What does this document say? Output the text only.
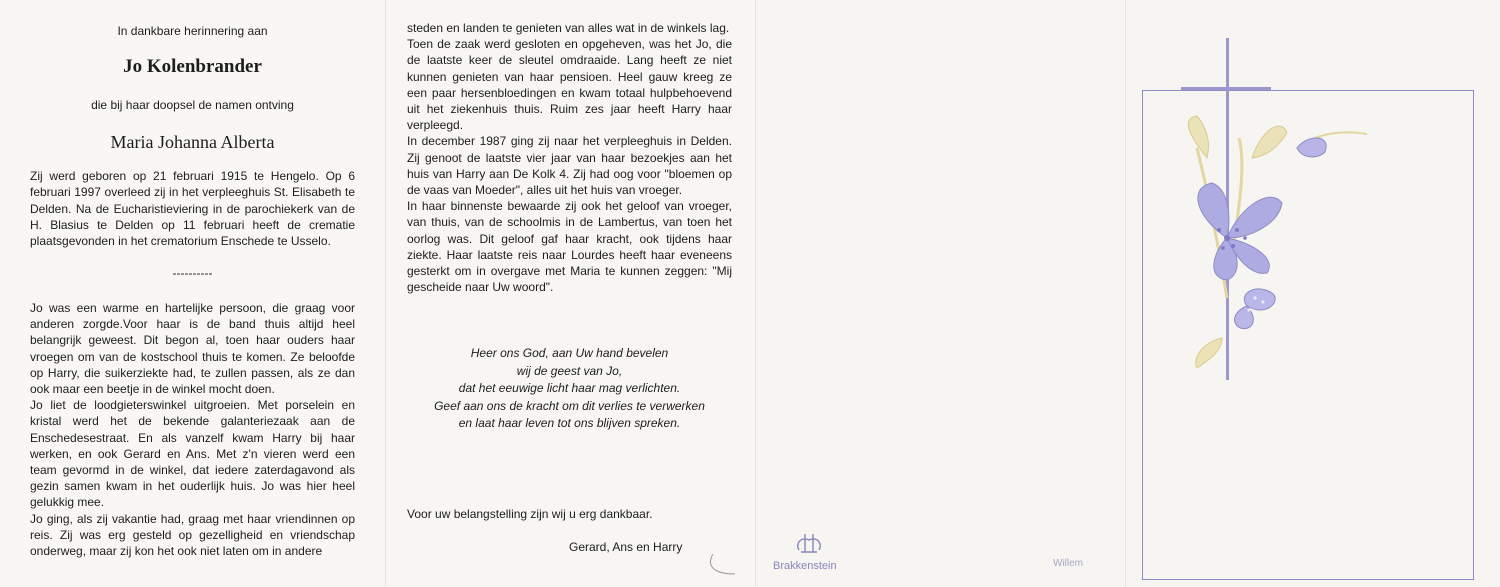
In dankbare herinnering aan
Jo Kolenbrander
die bij haar doopsel de namen ontving
Maria Johanna Alberta
Zij werd geboren op 21 februari 1915 te Hengelo. Op 6 februari 1997 overleed zij in het verpleeghuis St. Elisabeth te Delden. Na de Eucharistieviering in de parochiekerk van de H. Blasius te Delden op 11 februari heeft de crematie plaatsgevonden in het crematorium Enschede te Usselo.
----------

Jo was een warme en hartelijke persoon, die graag voor anderen zorgde.Voor haar is de band thuis altijd heel belangrijk geweest. Dit begon al, toen haar ouders haar vroegen om van de kostschool thuis te komen. Ze beloofde op Harry, die suikerziekte had, te zullen passen, als ze dan ook maar een beetje in de winkel mocht doen.

Jo liet de loodgieterswinkel uitgroeien. Met porselein en kristal werd het de bekende galanteriezaak aan de Enschedesestraat. En als vanzelf kwam Harry bij haar werken, en ook Gerard en Ans. Met z'n vieren werd een team gevormd in de winkel, dat iedere zaterdagavond als gezin samen kwam in het ouderlijk huis. Jo was hier heel gelukkig mee.

Jo ging, als zij vakantie had, graag met haar vriendinnen op reis. Zij was erg gesteld op gezelligheid en vriendschap onderweg, maar zij kon het ook niet laten om in andere

steden en landen te genieten van alles wat in de winkels lag.

Toen de zaak werd gesloten en opgeheven, was het Jo, die de laatste keer de sleutel omdraaide. Lang heeft ze niet kunnen genieten van haar pensioen. Heel gauw kreeg ze een paar hersenbloedingen en kwam totaal hulpbehoevend uit het ziekenhuis thuis. Ruim zes jaar heeft Harry haar verpleegd.

In december 1987 ging zij naar het verpleeghuis in Delden. Zij genoot de laatste vier jaar van haar bezoekjes aan het huis van Harry aan De Kolk 4. Zij had oog voor "bloemen op de vaas van Moeder", alles uit het huis van vroeger.

In haar binnenste bewaarde zij ook het geloof van vroeger, van thuis, van de schoolmis in de Lambertus, van toen het oorlog was. Dit geloof gaf haar kracht, ook tijdens haar ziekte. Haar laatste reis naar Lourdes heeft haar eveneens gesterkt om in overgave met Maria te kunnen zeggen: "Mij gescheide naar Uw woord".

Heer ons God, aan Uw hand bevelen
wij de geest van Jo,
dat het eeuwige licht haar mag verlichten.
Geef aan ons de kracht om dit verlies te verwerken
en laat haar leven tot ons blijven spreken.
Voor uw belangstelling zijn wij u erg dankbaar.
Gerard, Ans en Harry
Brakkenstein	Willem
